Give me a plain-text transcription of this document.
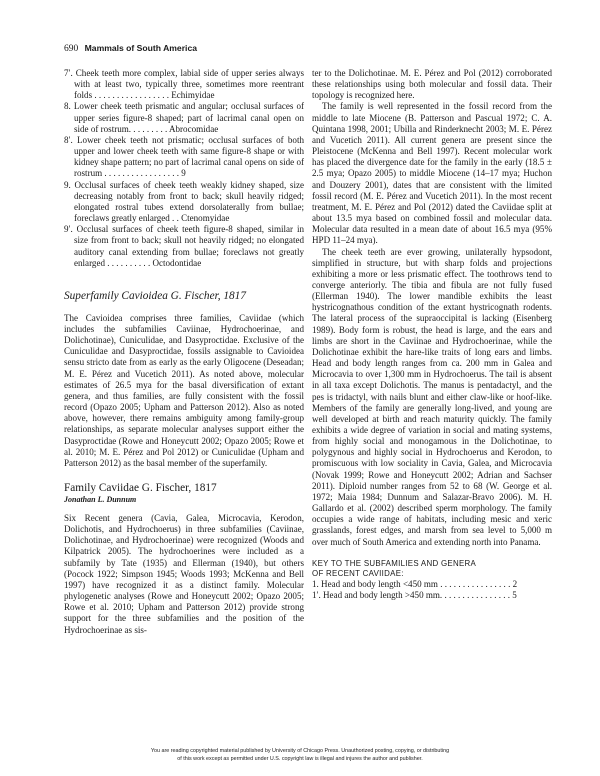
690 Mammals of South America

7′. Cheek teeth more complex, labial side of upper series always with at least two, typically three, sometimes more reentrant folds . . . . . . . . . . . . . . . . . Echimyidae

8. Lower cheek teeth prismatic and angular; occlusal surfaces of upper series figure-8 shaped; part of lacrimal canal open on side of rostrum. . . . . . . . . Abrocomidae

8′. Lower cheek teeth not prismatic; occlusal surfaces of both upper and lower cheek teeth with same figure-8 shape or with kidney shape pattern; no part of lacrimal canal opens on side of rostrum . . . . . . . . . . . . . . . . . 9

9. Occlusal surfaces of cheek teeth weakly kidney shaped, size decreasing notably from front to back; skull heavily ridged; elongated rostral tubes extend dorsolaterally from bullae; foreclaws greatly enlarged . . Ctenomyidae

9′. Occlusal surfaces of cheek teeth figure-8 shaped, similar in size from front to back; skull not heavily ridged; no elongated auditory canal extending from bullae; foreclaws not greatly enlarged . . . . . . . . . . Octodontidae

Superfamily Cavioidea G. Fischer, 1817

The Cavioidea comprises three families, Caviidae (which includes the subfamilies Caviinae, Hydrochoerinae, and Dolichotinae), Cuniculidae, and Dasyproctidae. Exclusive of the Cuniculidae and Dasyproctidae, fossils assignable to Cavioidea sensu stricto date from as early as the early Oligocene (Deseadan; M. E. Pérez and Vucetich 2011). As noted above, molecular estimates of 26.5 mya for the basal diversification of extant genera, and thus families, are fully consistent with the fossil record (Opazo 2005; Upham and Patterson 2012). Also as noted above, however, there remains ambiguity among family-group relationships, as separate molecular analyses support either the Dasyproctidae (Rowe and Honeycutt 2002; Opazo 2005; Rowe et al. 2010; M. E. Pérez and Pol 2012) or Cuniculidae (Upham and Patterson 2012) as the basal member of the superfamily.

Family Caviidae G. Fischer, 1817
Jonathan L. Dunnum

Six Recent genera (Cavia, Galea, Microcavia, Kerodon, Dolichotis, and Hydrochoerus) in three subfamilies (Caviinae, Dolichotinae, and Hydrochoerinae) were recognized (Woods and Kilpatrick 2005). The hydrochoerines were included as a subfamily by Tate (1935) and Ellerman (1940), but others (Pocock 1922; Simpson 1945; Woods 1993; McKenna and Bell 1997) have recognized it as a distinct family. Molecular phylogenetic analyses (Rowe and Honeycutt 2002; Opazo 2005; Rowe et al. 2010; Upham and Patterson 2012) provide strong support for the three subfamilies and the position of the Hydrochoerinae as sis-

ter to the Dolichotinae. M. E. Pérez and Pol (2012) corroborated these relationships using both molecular and fossil data. Their topology is recognized here.

The family is well represented in the fossil record from the middle to late Miocene (B. Patterson and Pascual 1972; C. A. Quintana 1998, 2001; Ubilla and Rinderknecht 2003; M. E. Pérez and Vucetich 2011). All current genera are present since the Pleistocene (McKenna and Bell 1997). Recent molecular work has placed the divergence date for the family in the early (18.5 ± 2.5 mya; Opazo 2005) to middle Miocene (14–17 mya; Huchon and Douzery 2001), dates that are consistent with the limited fossil record (M. E. Pérez and Vucetich 2011). In the most recent treatment, M. E. Pérez and Pol (2012) dated the Caviidae split at about 13.5 mya based on combined fossil and molecular data. Molecular data resulted in a mean date of about 16.5 mya (95% HPD 11–24 mya).

The cheek teeth are ever growing, unilaterally hypsodont, simplified in structure, but with sharp folds and projections exhibiting a more or less prismatic effect. The toothrows tend to converge anteriorly. The tibia and fibula are not fully fused (Ellerman 1940). The lower mandible exhibits the least hystricognathous condition of the extant hystricognath rodents. The lateral process of the supraoccipital is lacking (Eisenberg 1989). Body form is robust, the head is large, and the ears and limbs are short in the Caviinae and Hydrochoerinae, while the Dolichotinae exhibit the hare-like traits of long ears and limbs. Head and body length ranges from ca. 200 mm in Galea and Microcavia to over 1,300 mm in Hydrochoerus. The tail is absent in all taxa except Dolichotis. The manus is pentadactyl, and the pes is tridactyl, with nails blunt and either claw-like or hoof-like. Members of the family are generally long-lived, and young are well developed at birth and reach maturity quickly. The family exhibits a wide degree of variation in social and mating systems, from highly social and monogamous in the Dolichotinae, to polygynous and highly social in Hydrochoerus and Kerodon, to promiscuous with low sociality in Cavia, Galea, and Microcavia (Novak 1999; Rowe and Honeycutt 2002; Adrian and Sachser 2011). Diploid number ranges from 52 to 68 (W. George et al. 1972; Maia 1984; Dunnum and Salazar-Bravo 2006). M. H. Gallardo et al. (2002) described sperm morphology. The family occupies a wide range of habitats, including mesic and xeric grasslands, forest edges, and marsh from sea level to 5,000 m over much of South America and extending north into Panama.

KEY TO THE SUBFAMILIES AND GENERA
OF RECENT CAVIIDAE:

1. Head and body length <450 mm . . . . . . . . . . . . . . . . 2

1′. Head and body length >450 mm. . . . . . . . . . . . . . . . 5

You are reading copyrighted material published by University of Chicago Press. Unauthorized posting, copying, or distributing
of this work except as permitted under U.S. copyright law is illegal and injures the author and publisher.
